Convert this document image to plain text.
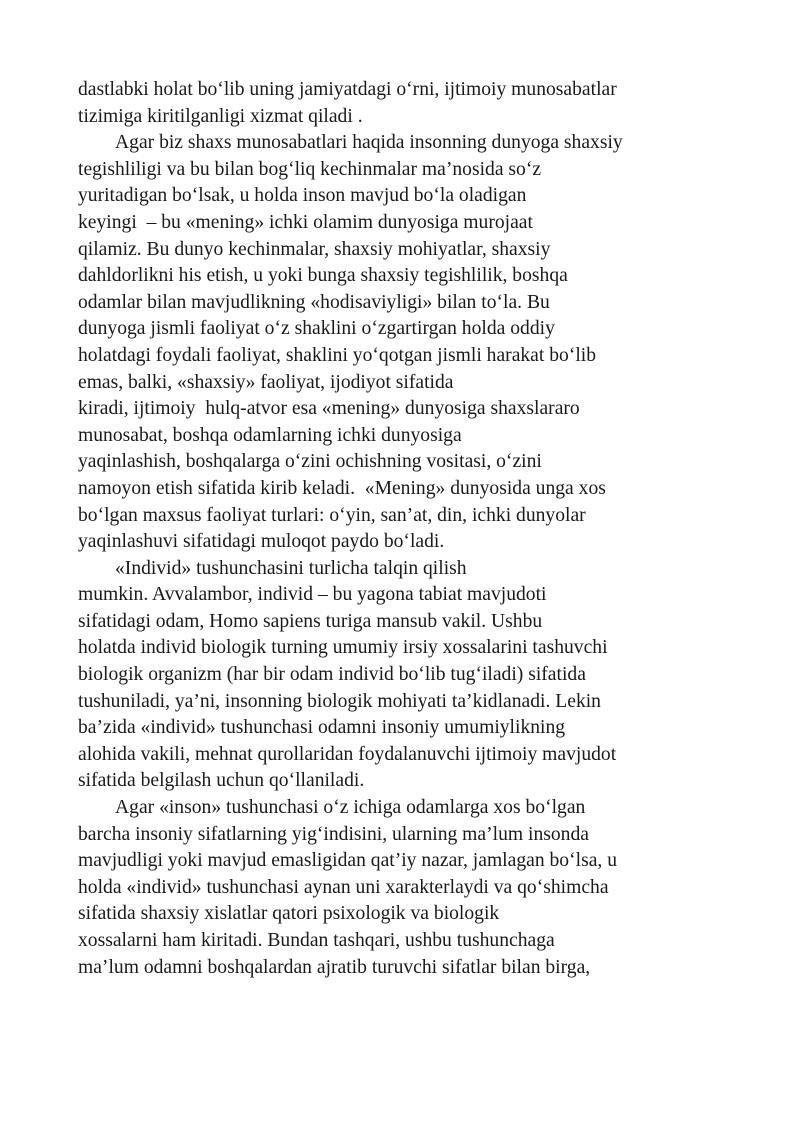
dastlabki holat bo‘lib uning jamiyatdagi o‘rni, ijtimoiy munosabatlar
tizimiga kiritilganligi xizmat qiladi .
Agar biz shaxs munosabatlari haqida insonning dunyoga shaxsiy
tegishliligi va bu bilan bog‘liq kechinmalar ma’nosida so‘z
yuritadigan bo‘lsak, u holda inson mavjud bo‘la oladigan
keyingi  – bu «mening» ichki olamim dunyosiga murojaat
qilamiz. Bu dunyo kechinmalar, shaxsiy mohiyatlar, shaxsiy
dahldorlikni his etish, u yoki bunga shaxsiy tegishlilik, boshqa
odamlar bilan mavjudlikning «hodisaviyligi» bilan to‘la. Bu
dunyoga jismli faoliyat o‘z shaklini o‘zgartirgan holda oddiy
holatdagi foydali faoliyat, shaklini yo‘qotgan jismli harakat bo‘lib
emas, balki, «shaxsiy» faoliyat, ijodiyot sifatida
kiradi, ijtimoiy  hulq-atvor esa «mening» dunyosiga shaxslararo
munosabat, boshqa odamlarning ichki dunyosiga
yaqinlashish, boshqalarga o‘zini ochishning vositasi, o‘zini
namoyon etish sifatida kirib keladi.  «Mening» dunyosida unga xos
bo‘lgan maxsus faoliyat turlari: o‘yin, san’at, din, ichki dunyolar
yaqinlashuvi sifatidagi muloqot paydo bo‘ladi.
«Individ» tushunchasini turlicha talqin qilish
mumkin. Avvalambor, individ – bu yagona tabiat mavjudoti
sifatidagi odam, Homo sapiens turiga mansub vakil. Ushbu
holatda individ biologik turning umumiy irsiy xossalarini tashuvchi
biologik organizm (har bir odam individ bo‘lib tug‘iladi) sifatida
tushuniladi, ya’ni, insonning biologik mohiyati ta’kidlanadi. Lekin
ba’zida «individ» tushunchasi odamni insoniy umumiylikning
alohida vakili, mehnat qurollaridan foydalanuvchi ijtimoiy mavjudot
sifatida belgilash uchun qo‘llaniladi.
Agar «inson» tushunchasi o‘z ichiga odamlarga xos bo‘lgan
barcha insoniy sifatlarning yig‘indisini, ularning ma’lum insonda
mavjudligi yoki mavjud emasligidan qat’iy nazar, jamlagan bo‘lsa, u
holda «individ» tushunchasi aynan uni xarakterlaydi va qo‘shimcha
sifatida shaxsiy xislatlar qatori psixologik va biologik
xossalarni ham kiritadi. Bundan tashqari, ushbu tushunchaga
ma’lum odamni boshqalardan ajratib turuvchi sifatlar bilan birga,
